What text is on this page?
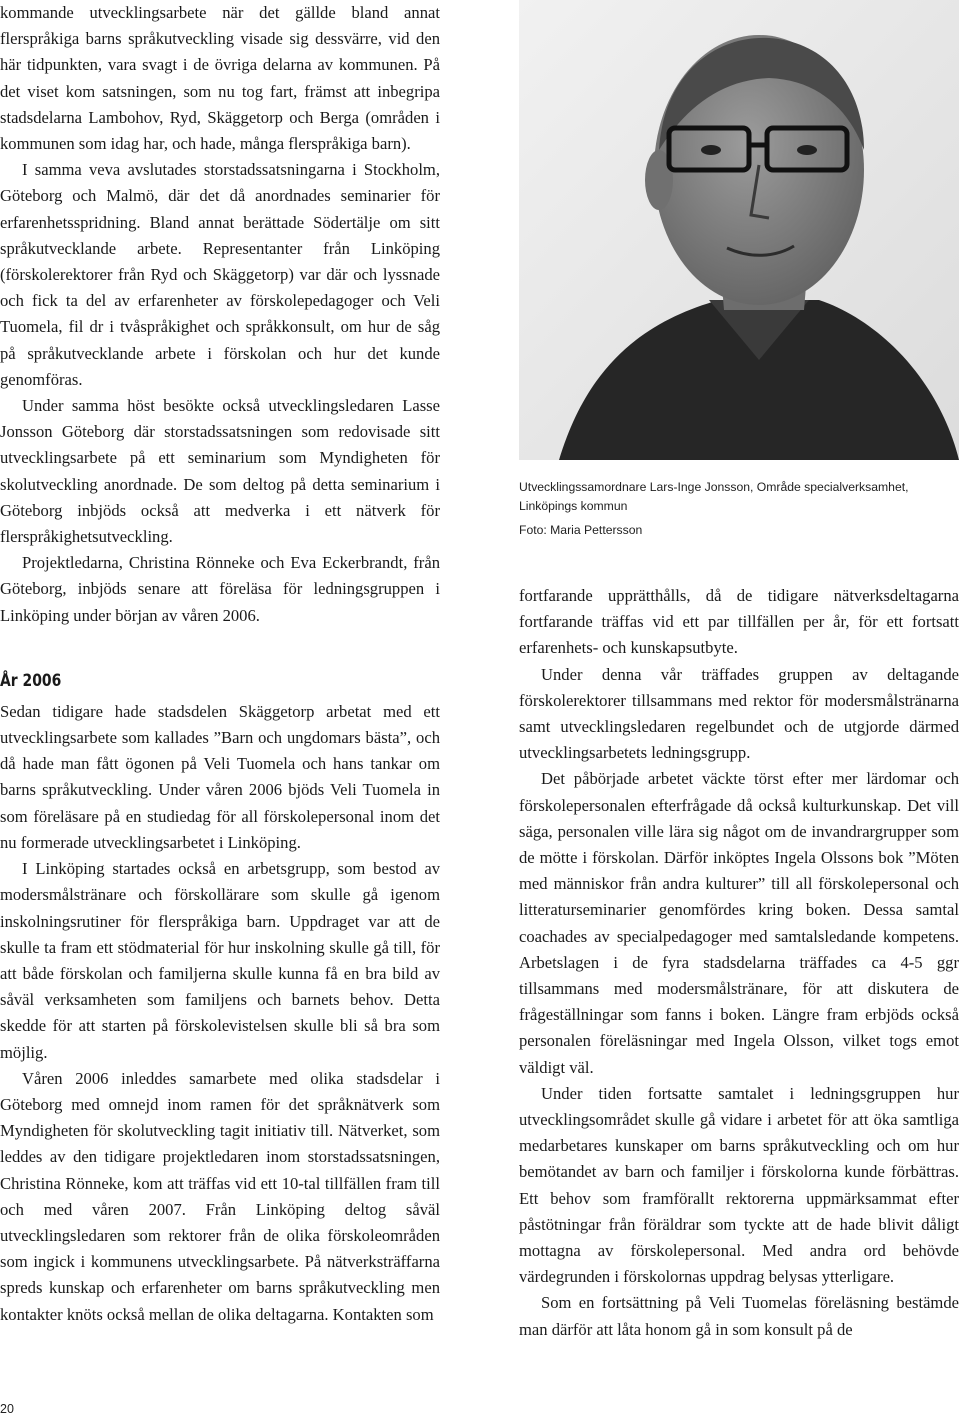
kommande utvecklingsarbete när det gällde bland annat flerspråkiga barns språkutveckling visade sig dessvärre, vid den här tidpunkten, vara svagt i de övriga delarna av kommunen. På det viset kom satsningen, som nu tog fart, främst att inbegripa stadsdelarna Lambohov, Ryd, Skäggetorp och Berga (områden i kommunen som idag har, och hade, många flerspråkiga barn).

I samma veva avslutades storstadssatsningarna i Stockholm, Göteborg och Malmö, där det då anordnades seminarier för erfarenhetsspridning. Bland annat berättade Södertälje om sitt språkutvecklande arbete. Representanter från Linköping (förskolerektorer från Ryd och Skäggetorp) var där och lyssnade och fick ta del av erfarenheter av förskolepedagoger och Veli Tuomela, fil dr i tvåspråkighet och språkkonsult, om hur de såg på språkutvecklande arbete i förskolan och hur det kunde genomföras.

Under samma höst besökte också utvecklingsledaren Lasse Jonsson Göteborg där storstadssatsningen som redovisade sitt utvecklingsarbete på ett seminarium som Myndigheten för skolutveckling anordnade. De som deltog på detta seminarium i Göteborg inbjöds också att medverka i ett nätverk för flerspråkighetsutveckling.

Projektledarna, Christina Rönneke och Eva Eckerbrandt, från Göteborg, inbjöds senare att föreläsa för ledningsgruppen i Linköping under början av våren 2006.

År 2006

Sedan tidigare hade stadsdelen Skäggetorp arbetat med ett utvecklingsarbete som kallades ”Barn och ungdomars bästa”, och då hade man fått ögonen på Veli Tuomela och hans tankar om barns språkutveckling. Under våren 2006 bjöds Veli Tuomela in som föreläsare på en studiedag för all förskolepersonal inom det nu formerade utvecklingsarbetet i Linköping.

I Linköping startades också en arbetsgrupp, som bestod av modersmålstränare och förskollärare som skulle gå igenom inskolningsrutiner för flerspråkiga barn. Uppdraget var att de skulle ta fram ett stödmaterial för hur inskolning skulle gå till, för att både förskolan och familjerna skulle kunna få en bra bild av såväl verksamheten som familjens och barnets behov. Detta skedde för att starten på förskolevistelsen skulle bli så bra som möjlig.

Våren 2006 inleddes samarbete med olika stadsdelar i Göteborg med omnejd inom ramen för det språknätverk som Myndigheten för skolutveckling tagit initiativ till. Nätverket, som leddes av den tidigare projektledaren inom storstadssatsningen, Christina Rönneke, kom att träffas vid ett 10-tal tillfällen fram till och med våren 2007. Från Linköping deltog såväl utvecklingsledaren som rektorer från de olika förskoleområden som ingick i kommunens utvecklingsarbete. På nätverksträffarna spreds kunskap och erfarenheter om barns språkutveckling men kontakter knöts också mellan de olika deltagarna. Kontakten som

Utvecklingssamordnare Lars-Inge Jonsson, Område specialverksamhet, Linköpings kommun
Foto: Maria Pettersson

fortfarande upprätthålls, då de tidigare nätverksdeltagarna fortfarande träffas vid ett par tillfällen per år, för ett fortsatt erfarenhets- och kunskapsutbyte.

Under denna vår träffades gruppen av deltagande förskolerektorer tillsammans med rektor för modersmålstränarna samt utvecklingsledaren regelbundet och de utgjorde därmed utvecklingsarbetets ledningsgrupp.

Det påbörjade arbetet väckte törst efter mer lärdomar och förskolepersonalen efterfrågade då också kulturkunskap. Det vill säga, personalen ville lära sig något om de invandrargrupper som de mötte i förskolan. Därför inköptes Ingela Olssons bok ”Möten med människor från andra kulturer” till all förskolepersonal och litteraturseminarier genomfördes kring boken. Dessa samtal coachades av specialpedagoger med samtalsledande kompetens. Arbetslagen i de fyra stadsdelarna träffades ca 4-5 ggr tillsammans med modersmålstränare, för att diskutera de frågeställningar som fanns i boken. Längre fram erbjöds också personalen föreläsningar med Ingela Olsson, vilket togs emot väldigt väl.

Under tiden fortsatte samtalet i ledningsgruppen hur utvecklingsområdet skulle gå vidare i arbetet för att öka samtliga medarbetares kunskaper om barns språkutveckling och om hur bemötandet av barn och familjer i förskolorna kunde förbättras. Ett behov som framförallt rektorerna uppmärksammat efter påstötningar från föräldrar som tyckte att de hade blivit dåligt mottagna av förskolepersonal. Med andra ord behövde värdegrunden i förskolornas uppdrag belysas ytterligare.

Som en fortsättning på Veli Tuomelas föreläsning bestämde man därför att låta honom gå in som konsult på de

20
